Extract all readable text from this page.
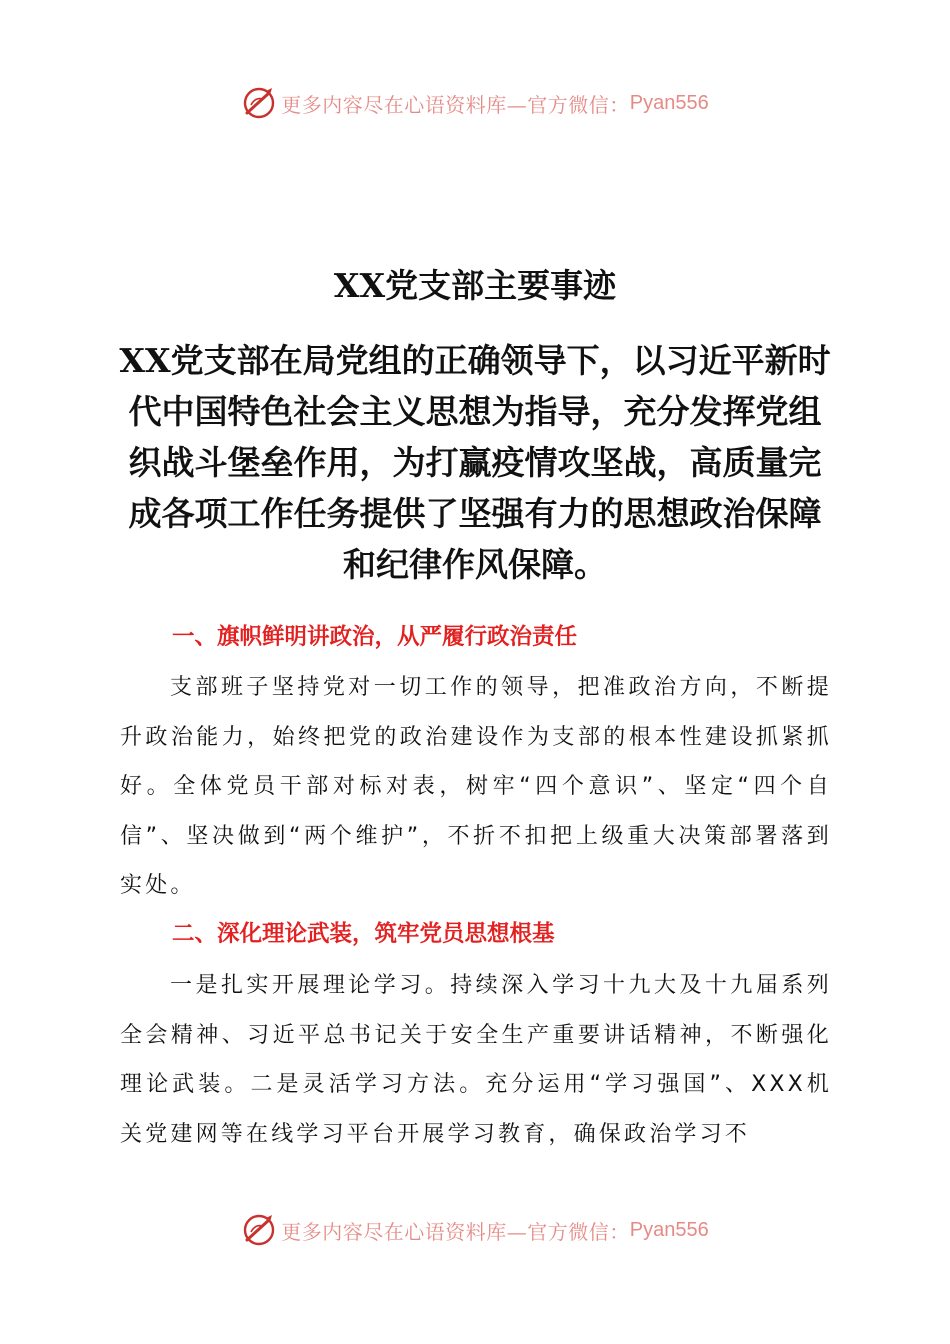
更多内容尽在心语资料库—官方微信： Pyan556
XX党支部主要事迹

XX党支部在局党组的正确领导下，以习近平新时代中国特色社会主义思想为指导，充分发挥党组织战斗堡垒作用，为打赢疫情攻坚战，高质量完成各项工作任务提供了坚强有力的思想政治保障和纪律作风保障。

一、旗帜鲜明讲政治，从严履行政治责任

支部班子坚持党对一切工作的领导，把准政治方向，不断提升政治能力，始终把党的政治建设作为支部的根本性建设抓紧抓好。全体党员干部对标对表，树牢“四个意识”、坚定“四个自信”、坚决做到“两个维护”，不折不扣把上级重大决策部署落到实处。

二、深化理论武装，筑牢党员思想根基

一是扎实开展理论学习。持续深入学习十九大及十九届系列全会精神、习近平总书记关于安全生产重要讲话精神，不断强化理论武装。二是灵活学习方法。充分运用“学习强国”、XXX机关党建网等在线学习平台开展学习教育，确保政治学习不

更多内容尽在心语资料库—官方微信： Pyan556
